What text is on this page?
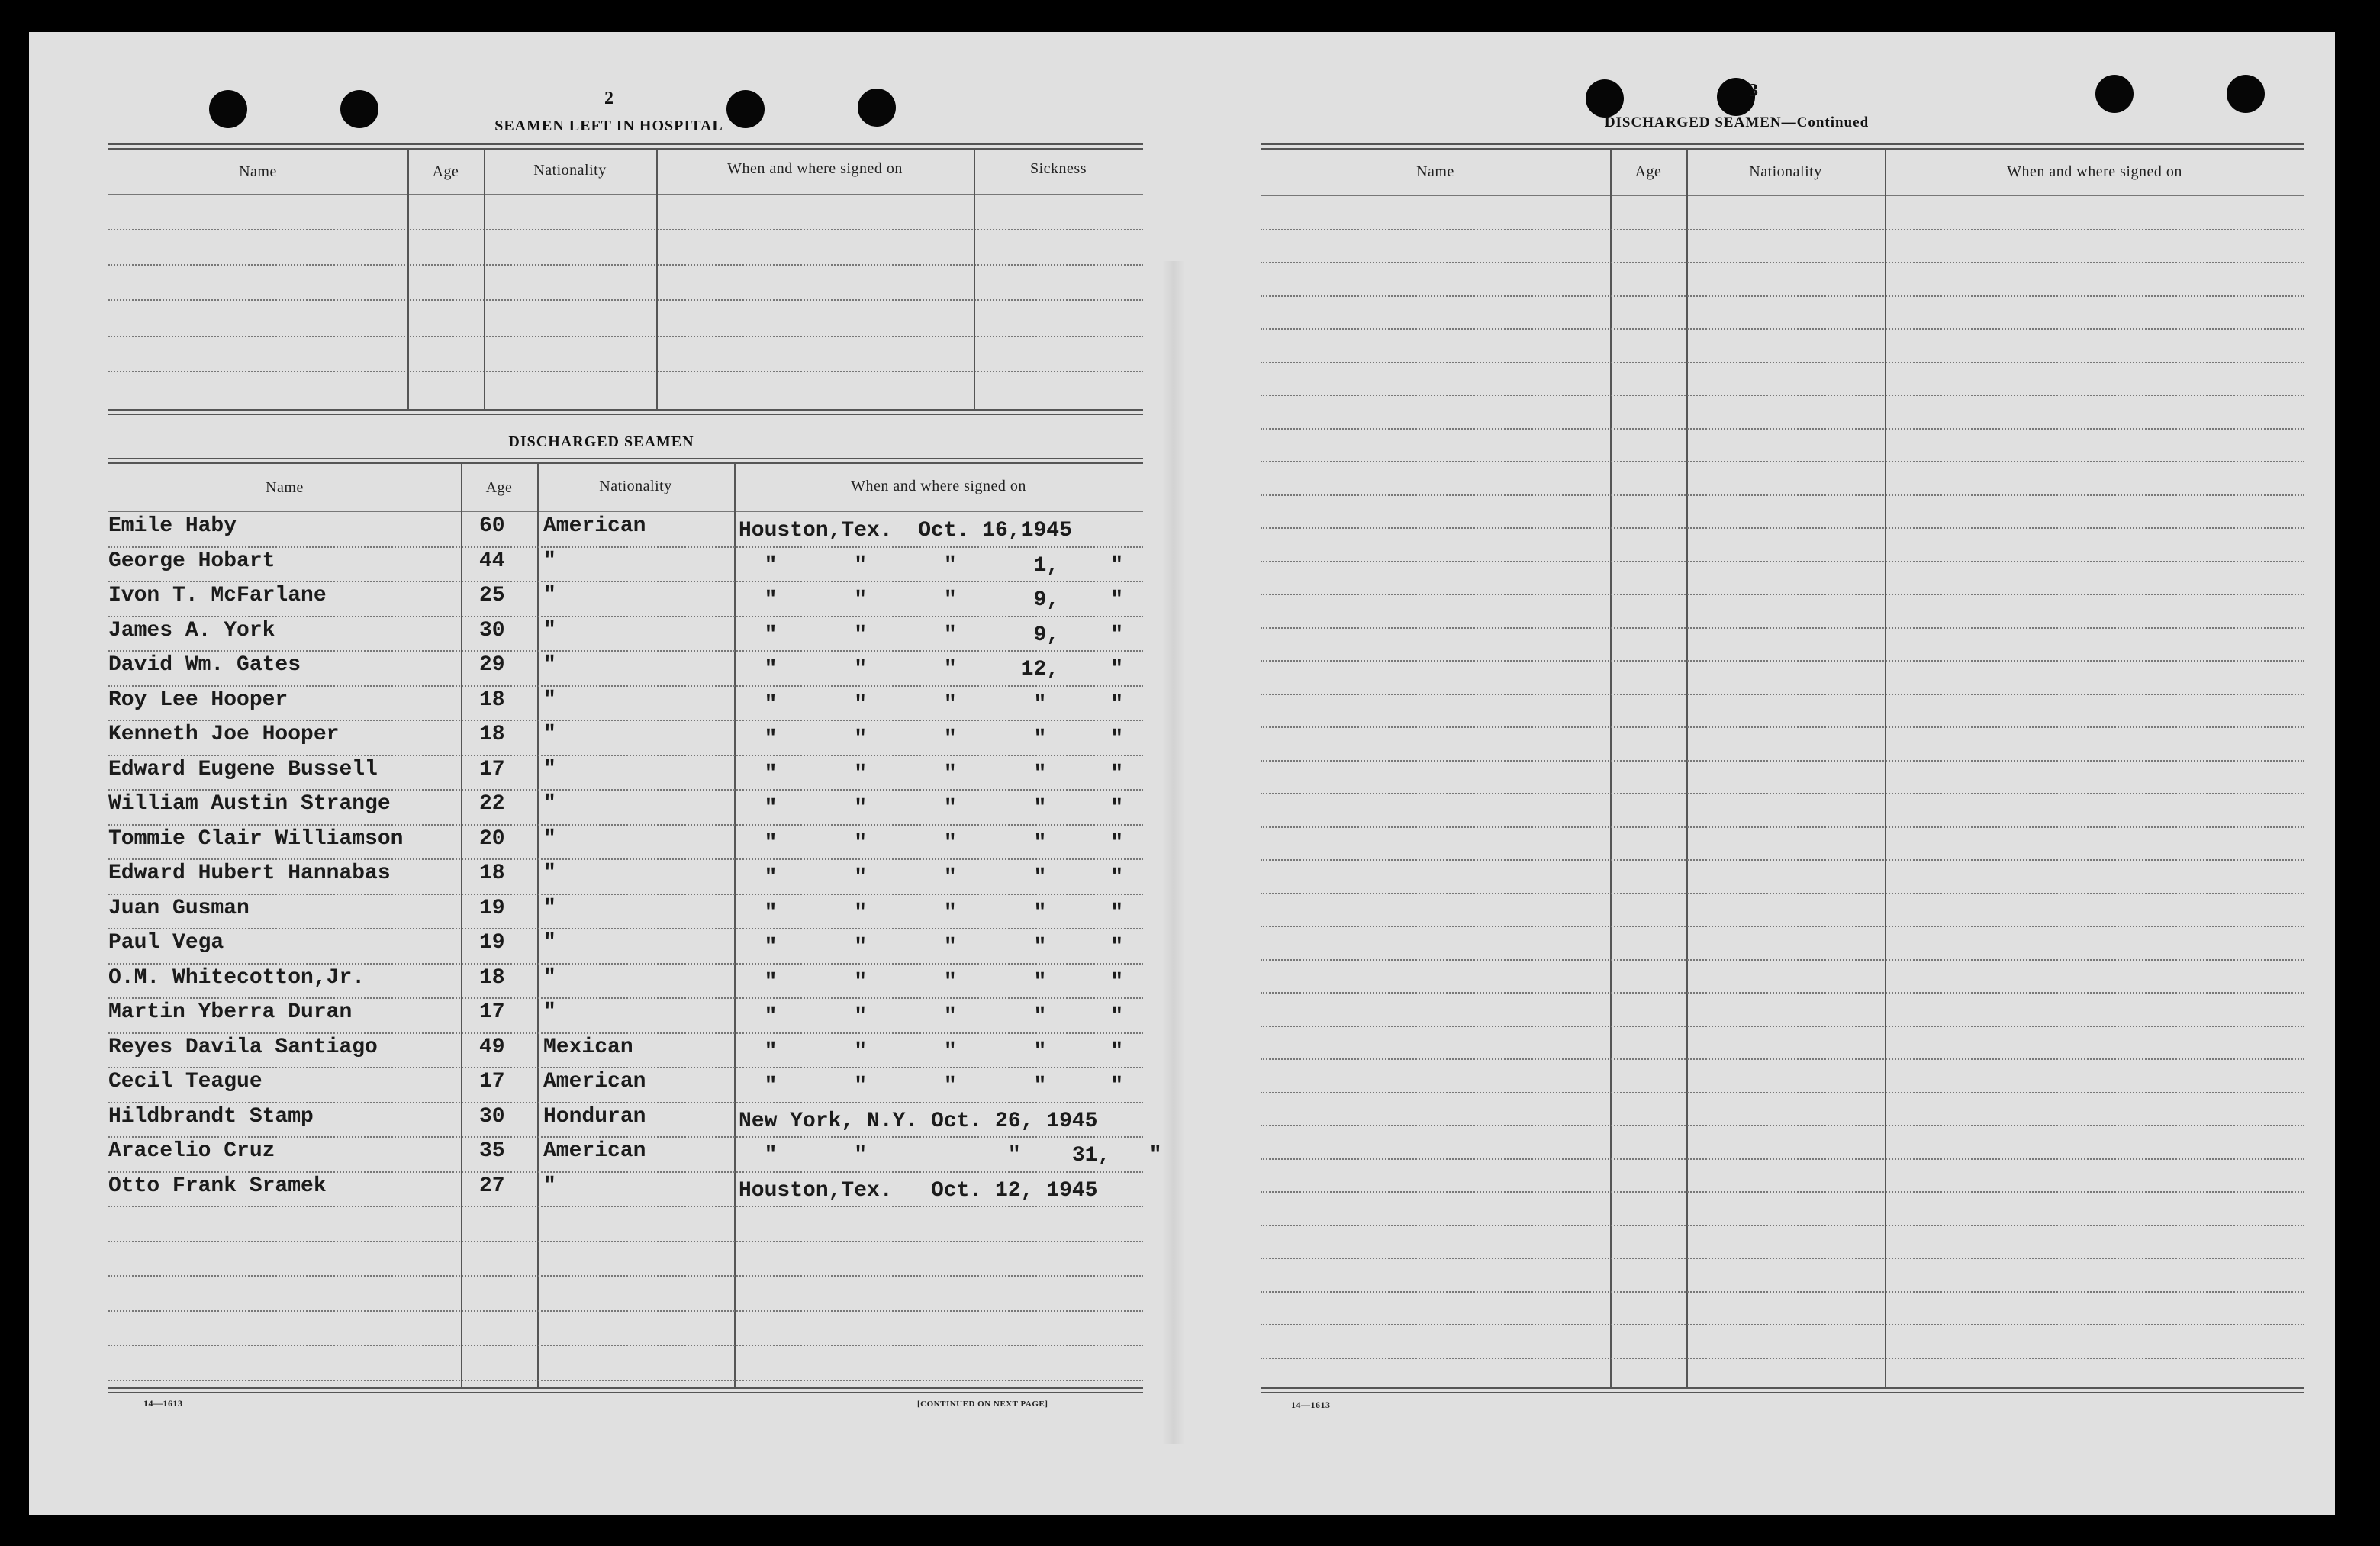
2
SEAMEN LEFT IN HOSPITAL
Name	Age	Nationality	When and where signed on	Sickness
DISCHARGED SEAMEN
Name	Age	Nationality	When and where signed on
Emile Haby	60 American	Houston,Tex.  Oct. 16,1945
George Hobart	44 "	"      "      "      1,    "
Ivon T. McFarlane	25 "	"      "      "      9,    "
James A. York	30 "	"      "      "      9,    "
David Wm. Gates	29 "	"      "      "     12,    "
Roy Lee Hooper	18 "	"      "      "      "     "
Kenneth Joe Hooper	18 "	"      "      "      "     "
Edward Eugene Bussell	17 "	"      "      "      "     "
William Austin Strange	22 "	"      "      "      "     "
Tommie Clair Williamson	20 "	"      "      "      "     "
Edward Hubert Hannabas	18 "	"      "      "      "     "
Juan Gusman	19 "	"      "      "      "     "
Paul Vega	19 "	"      "      "      "     "
O.M. Whitecotton,Jr.	18 "	"      "      "      "     "
Martin Yberra Duran	17 "	"      "      "      "     "
Reyes Davila Santiago	49 Mexican	"      "      "      "     "
Cecil Teague	17 American	"      "      "      "     "
Hildbrandt Stamp	30 Honduran	New York, N.Y. Oct. 26, 1945
Aracelio Cruz	35 American	"      "           "    31,   "
Otto Frank Sramek	27 "	Houston,Tex.   Oct. 12, 1945
14—1613	[CONTINUED ON NEXT PAGE]
3
DISCHARGED SEAMEN—Continued
Name	Age	Nationality	When and where signed on
14—1613
